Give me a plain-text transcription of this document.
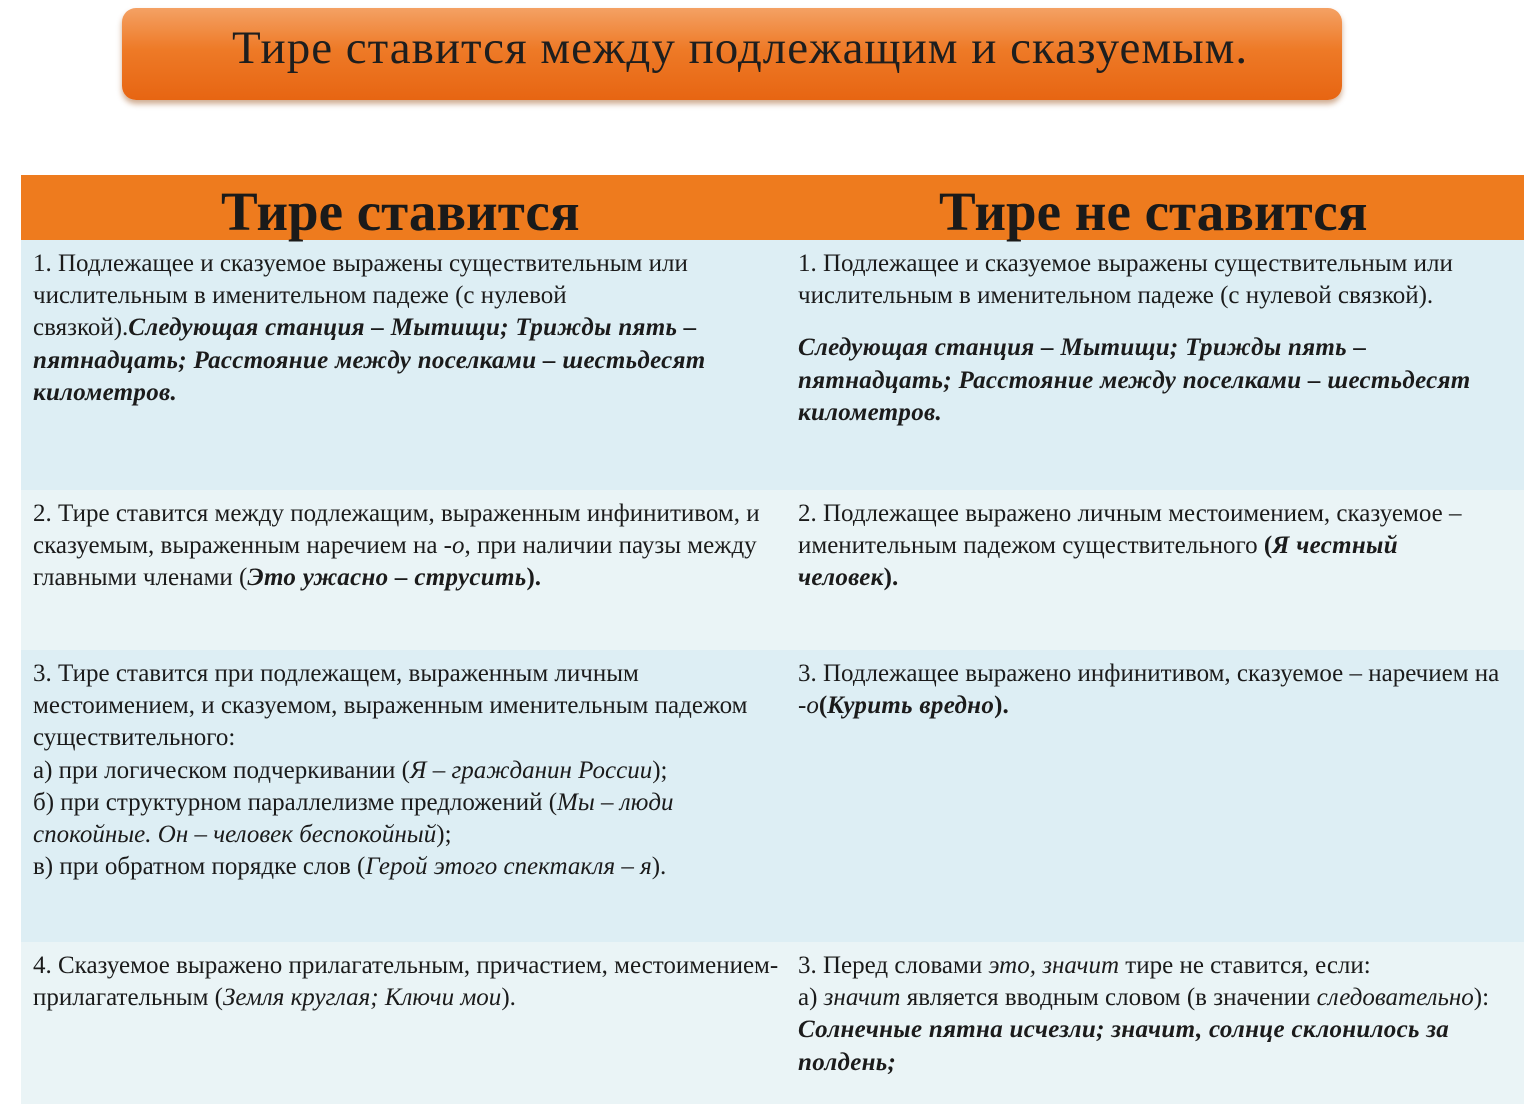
Тире ставится между подлежащим и сказуемым.
Тире ставится	Тире не ставится
1. Подлежащее и сказуемое выражены существительным или числительным в именительном падеже (с нулевой связкой).Следующая станция – Мытищи; Трижды пять – пятнадцать; Расстояние между поселками – шестьдесят километров.
1. Подлежащее и сказуемое выражены существительным или числительным в именительном падеже (с нулевой связкой).
Следующая станция – Мытищи; Трижды пять – пятнадцать; Расстояние между поселками – шестьдесят километров.
2. Тире ставится между подлежащим, выраженным инфинитивом, и сказуемым, выраженным наречием на -о, при наличии паузы между главными членами (Это ужасно – струсить).
2. Подлежащее выражено личным местоимением, сказуемое – именительным падежом существительного (Я честный человек).
3. Тире ставится при подлежащем, выраженным личным местоимением, и сказуемом, выраженным именительным падежом существительного:
а) при логическом подчеркивании (Я – гражданин России);
б) при структурном параллелизме предложений (Мы – люди спокойные. Он – человек беспокойный);
в) при обратном порядке слов (Герой этого спектакля – я).
3. Подлежащее выражено инфинитивом, сказуемое – наречием на -о(Курить вредно).
4. Сказуемое выражено прилагательным, причастием, местоимением-прилагательным (Земля круглая; Ключи мои).
3. Перед словами это, значит тире не ставится, если:
а) значит является вводным словом (в значении следовательно):
Солнечные пятна исчезли; значит, солнце склонилось за полдень;
